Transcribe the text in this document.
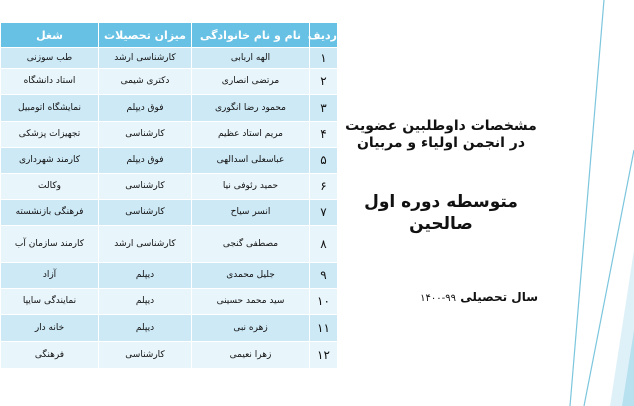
ردیف	نام و نام خانوادگی	میزان تحصیلات	شغل
۱	الهه اربابی	کارشناسی ارشد	طب سوزنی
۲	مرتضی انصاری	دکتری شیمی	استاد دانشگاه
۳	محمود رضا انگوری	فوق دیپلم	نمایشگاه اتومبیل
۴	مریم استاد عظیم	کارشناسی	تجهیزات پزشکی
۵	عباسعلی اسدالهی	فوق دیپلم	کارمند شهرداری
۶	حمید رئوفی نیا	کارشناسی	وکالت
۷	انسر سیاح	کارشناسی	فرهنگی بازنشسته
۸	مصطفی گنجی	کارشناسی ارشد	کارمند سازمان آب
۹	جلیل محمدی	دیپلم	آزاد
۱۰	سید محمد حسینی	دیپلم	نمایندگی سایپا
۱۱	زهره نبی	دیپلم	خانه دار
۱۲	زهرا نعیمی	کارشناسی	فرهنگی
مشخصات داوطلبین عضویت
در انجمن اولیاء و مربیان
متوسطه دوره اول
صالحین
سال تحصیلی ۹۹-۱۴۰۰
